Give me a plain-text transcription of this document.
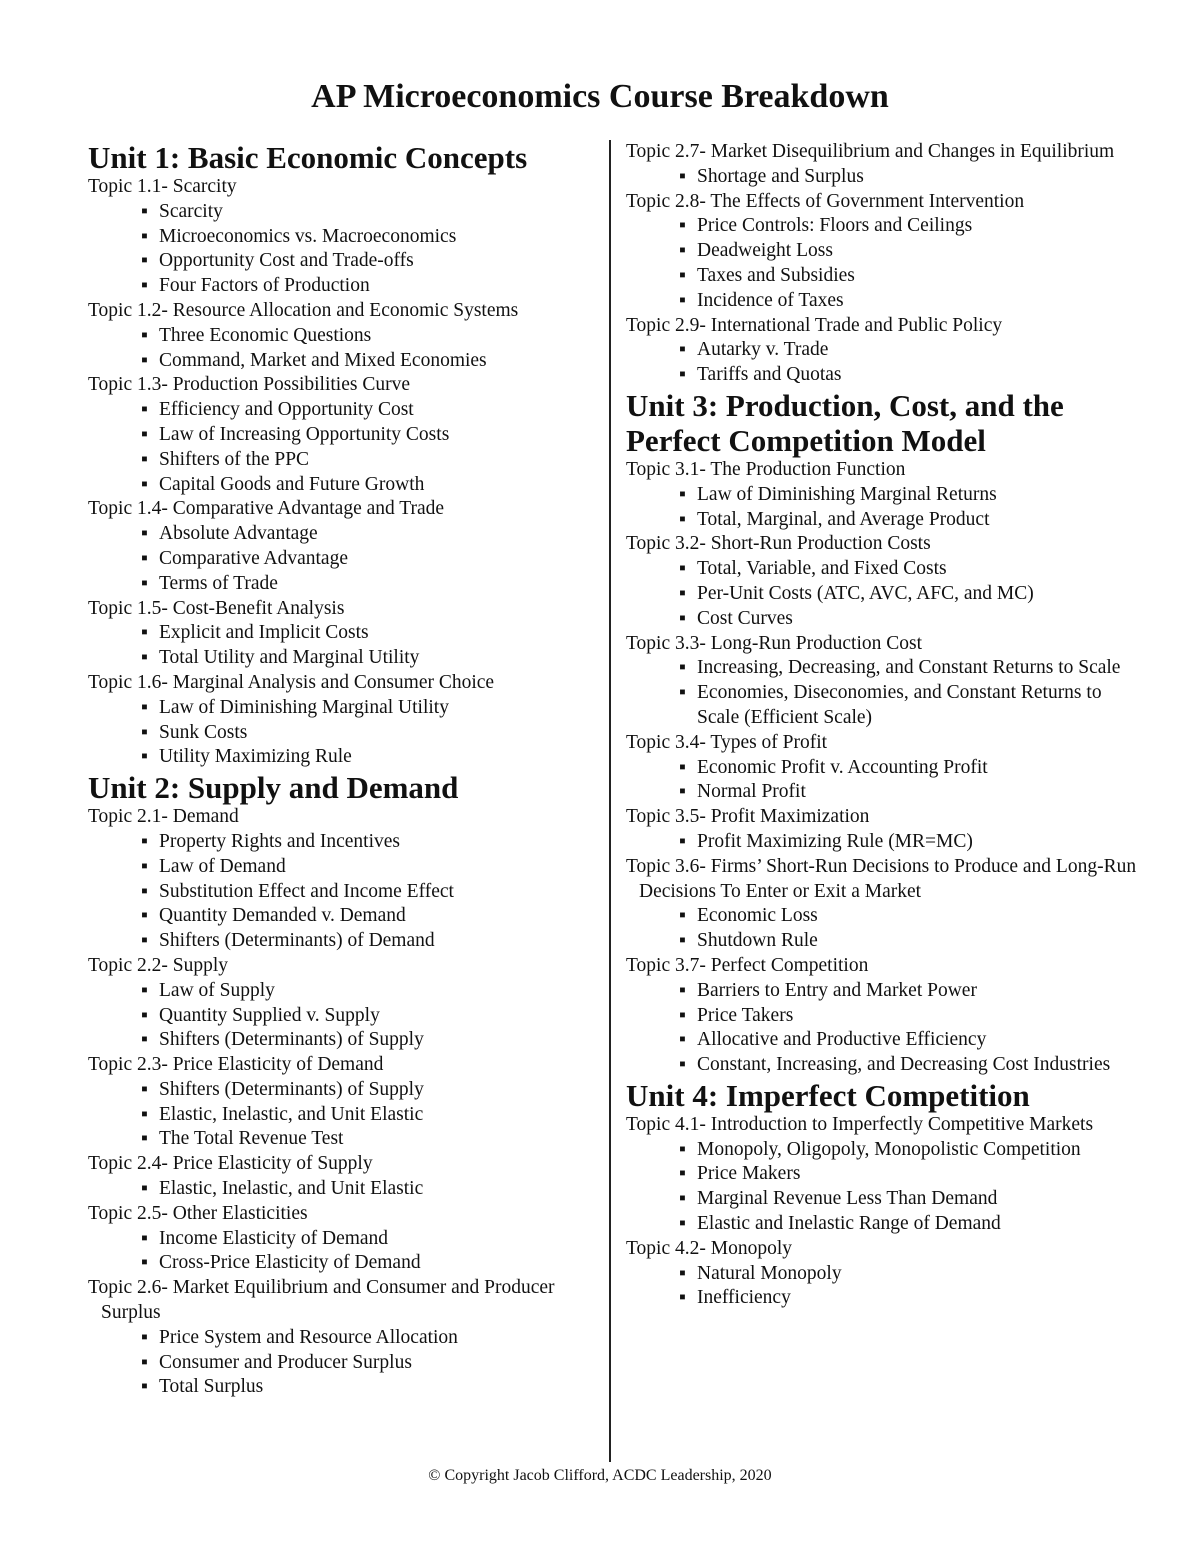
AP Microeconomics Course Breakdown
Unit 1: Basic Economic Concepts
Topic 1.1- Scarcity
▪ Scarcity
▪ Microeconomics vs. Macroeconomics
▪ Opportunity Cost and Trade-offs
▪ Four Factors of Production
Topic 1.2- Resource Allocation and Economic Systems
▪ Three Economic Questions
▪ Command, Market and Mixed Economies
Topic 1.3- Production Possibilities Curve
▪ Efficiency and Opportunity Cost
▪ Law of Increasing Opportunity Costs
▪ Shifters of the PPC
▪ Capital Goods and Future Growth
Topic 1.4- Comparative Advantage and Trade
▪ Absolute Advantage
▪ Comparative Advantage
▪ Terms of Trade
Topic 1.5- Cost-Benefit Analysis
▪ Explicit and Implicit Costs
▪ Total Utility and Marginal Utility
Topic 1.6- Marginal Analysis and Consumer Choice
▪ Law of Diminishing Marginal Utility
▪ Sunk Costs
▪ Utility Maximizing Rule
Unit 2: Supply and Demand
Topic 2.1- Demand
▪ Property Rights and Incentives
▪ Law of Demand
▪ Substitution Effect and Income Effect
▪ Quantity Demanded v. Demand
▪ Shifters (Determinants) of Demand
Topic 2.2- Supply
▪ Law of Supply
▪ Quantity Supplied v. Supply
▪ Shifters (Determinants) of Supply
Topic 2.3- Price Elasticity of Demand
▪ Shifters (Determinants) of Supply
▪ Elastic, Inelastic, and Unit Elastic
▪ The Total Revenue Test
Topic 2.4- Price Elasticity of Supply
▪ Elastic, Inelastic, and Unit Elastic
Topic 2.5- Other Elasticities
▪ Income Elasticity of Demand
▪ Cross-Price Elasticity of Demand
Topic 2.6- Market Equilibrium and Consumer and Producer Surplus
▪ Price System and Resource Allocation
▪ Consumer and Producer Surplus
▪ Total Surplus
Topic 2.7- Market Disequilibrium and Changes in Equilibrium
▪ Shortage and Surplus
Topic 2.8- The Effects of Government Intervention
▪ Price Controls: Floors and Ceilings
▪ Deadweight Loss
▪ Taxes and Subsidies
▪ Incidence of Taxes
Topic 2.9- International Trade and Public Policy
▪ Autarky v. Trade
▪ Tariffs and Quotas
Unit 3: Production, Cost, and the Perfect Competition Model
Topic 3.1- The Production Function
▪ Law of Diminishing Marginal Returns
▪ Total, Marginal, and Average Product
Topic 3.2- Short-Run Production Costs
▪ Total, Variable, and Fixed Costs
▪ Per-Unit Costs (ATC, AVC, AFC, and MC)
▪ Cost Curves
Topic 3.3- Long-Run Production Cost
▪ Increasing, Decreasing, and Constant Returns to Scale
▪ Economies, Diseconomies, and Constant Returns to Scale (Efficient Scale)
Topic 3.4- Types of Profit
▪ Economic Profit v. Accounting Profit
▪ Normal Profit
Topic 3.5- Profit Maximization
▪ Profit Maximizing Rule (MR=MC)
Topic 3.6- Firms’ Short-Run Decisions to Produce and Long-Run Decisions To Enter or Exit a Market
▪ Economic Loss
▪ Shutdown Rule
Topic 3.7- Perfect Competition
▪ Barriers to Entry and Market Power
▪ Price Takers
▪ Allocative and Productive Efficiency
▪ Constant, Increasing, and Decreasing Cost Industries
Unit 4: Imperfect Competition
Topic 4.1- Introduction to Imperfectly Competitive Markets
▪ Monopoly, Oligopoly, Monopolistic Competition
▪ Price Makers
▪ Marginal Revenue Less Than Demand
▪ Elastic and Inelastic Range of Demand
Topic 4.2- Monopoly
▪ Natural Monopoly
▪ Inefficiency
© Copyright Jacob Clifford, ACDC Leadership, 2020
